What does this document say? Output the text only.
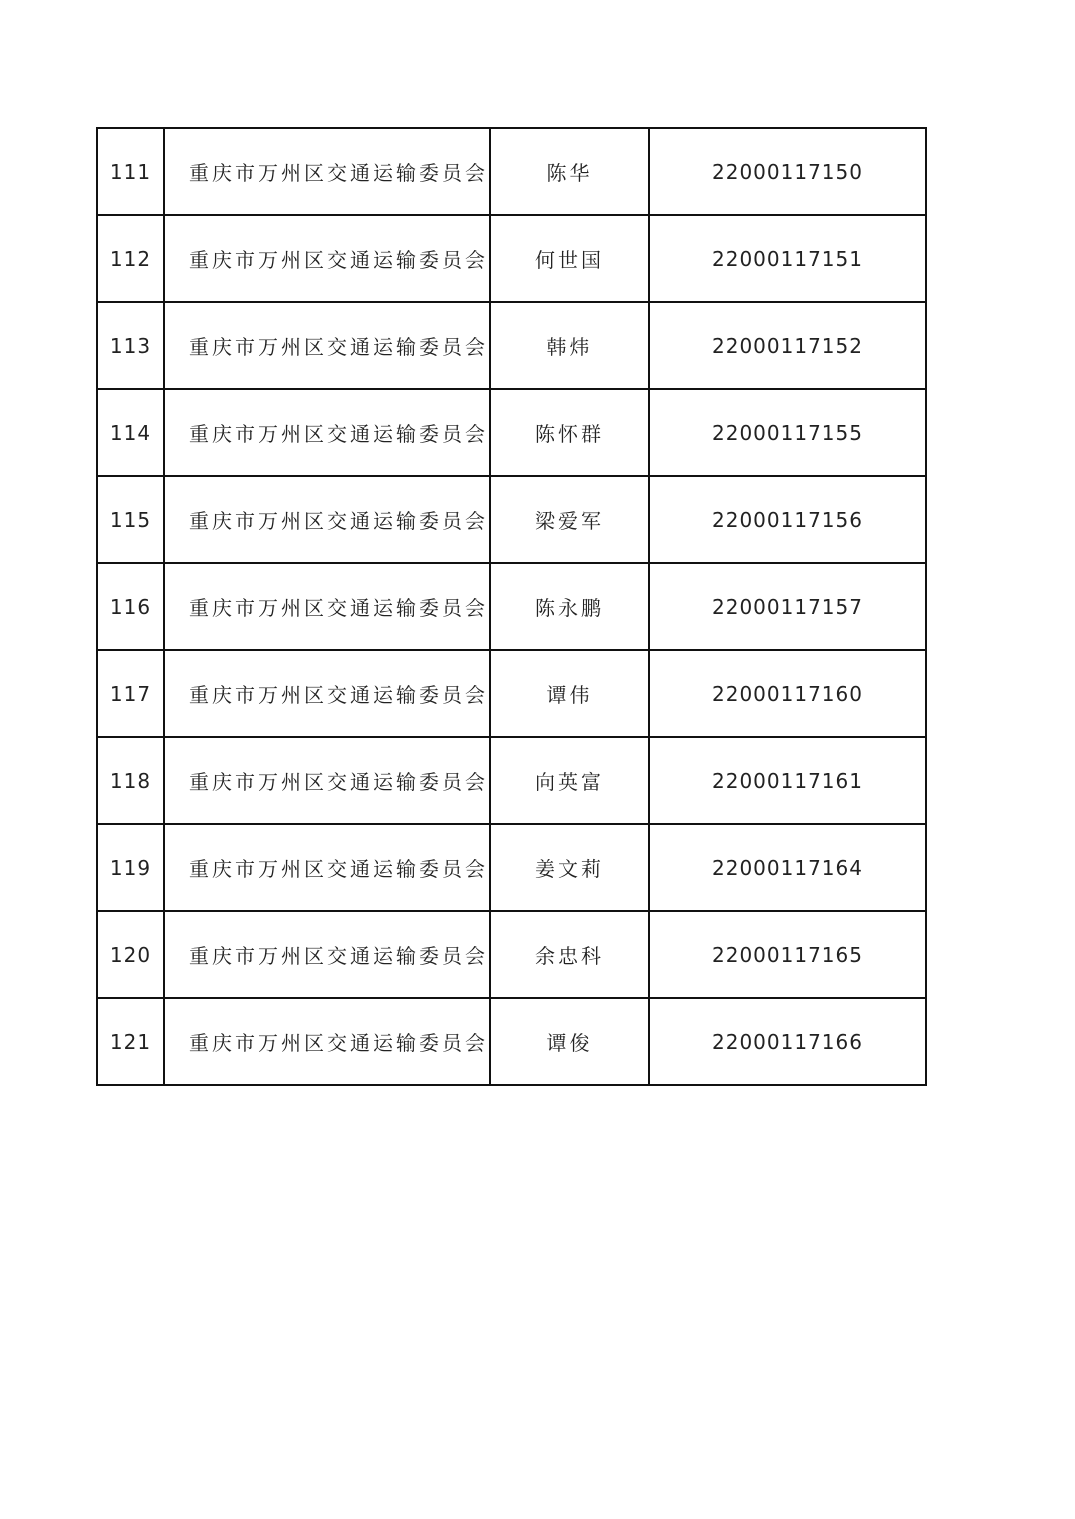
111	重庆市万州区交通运输委员会	陈华	22000117150
112	重庆市万州区交通运输委员会	何世国	22000117151
113	重庆市万州区交通运输委员会	韩炜	22000117152
114	重庆市万州区交通运输委员会	陈怀群	22000117155
115	重庆市万州区交通运输委员会	梁爱军	22000117156
116	重庆市万州区交通运输委员会	陈永鹏	22000117157
117	重庆市万州区交通运输委员会	谭伟	22000117160
118	重庆市万州区交通运输委员会	向英富	22000117161
119	重庆市万州区交通运输委员会	姜文莉	22000117164
120	重庆市万州区交通运输委员会	余忠科	22000117165
121	重庆市万州区交通运输委员会	谭俊	22000117166
